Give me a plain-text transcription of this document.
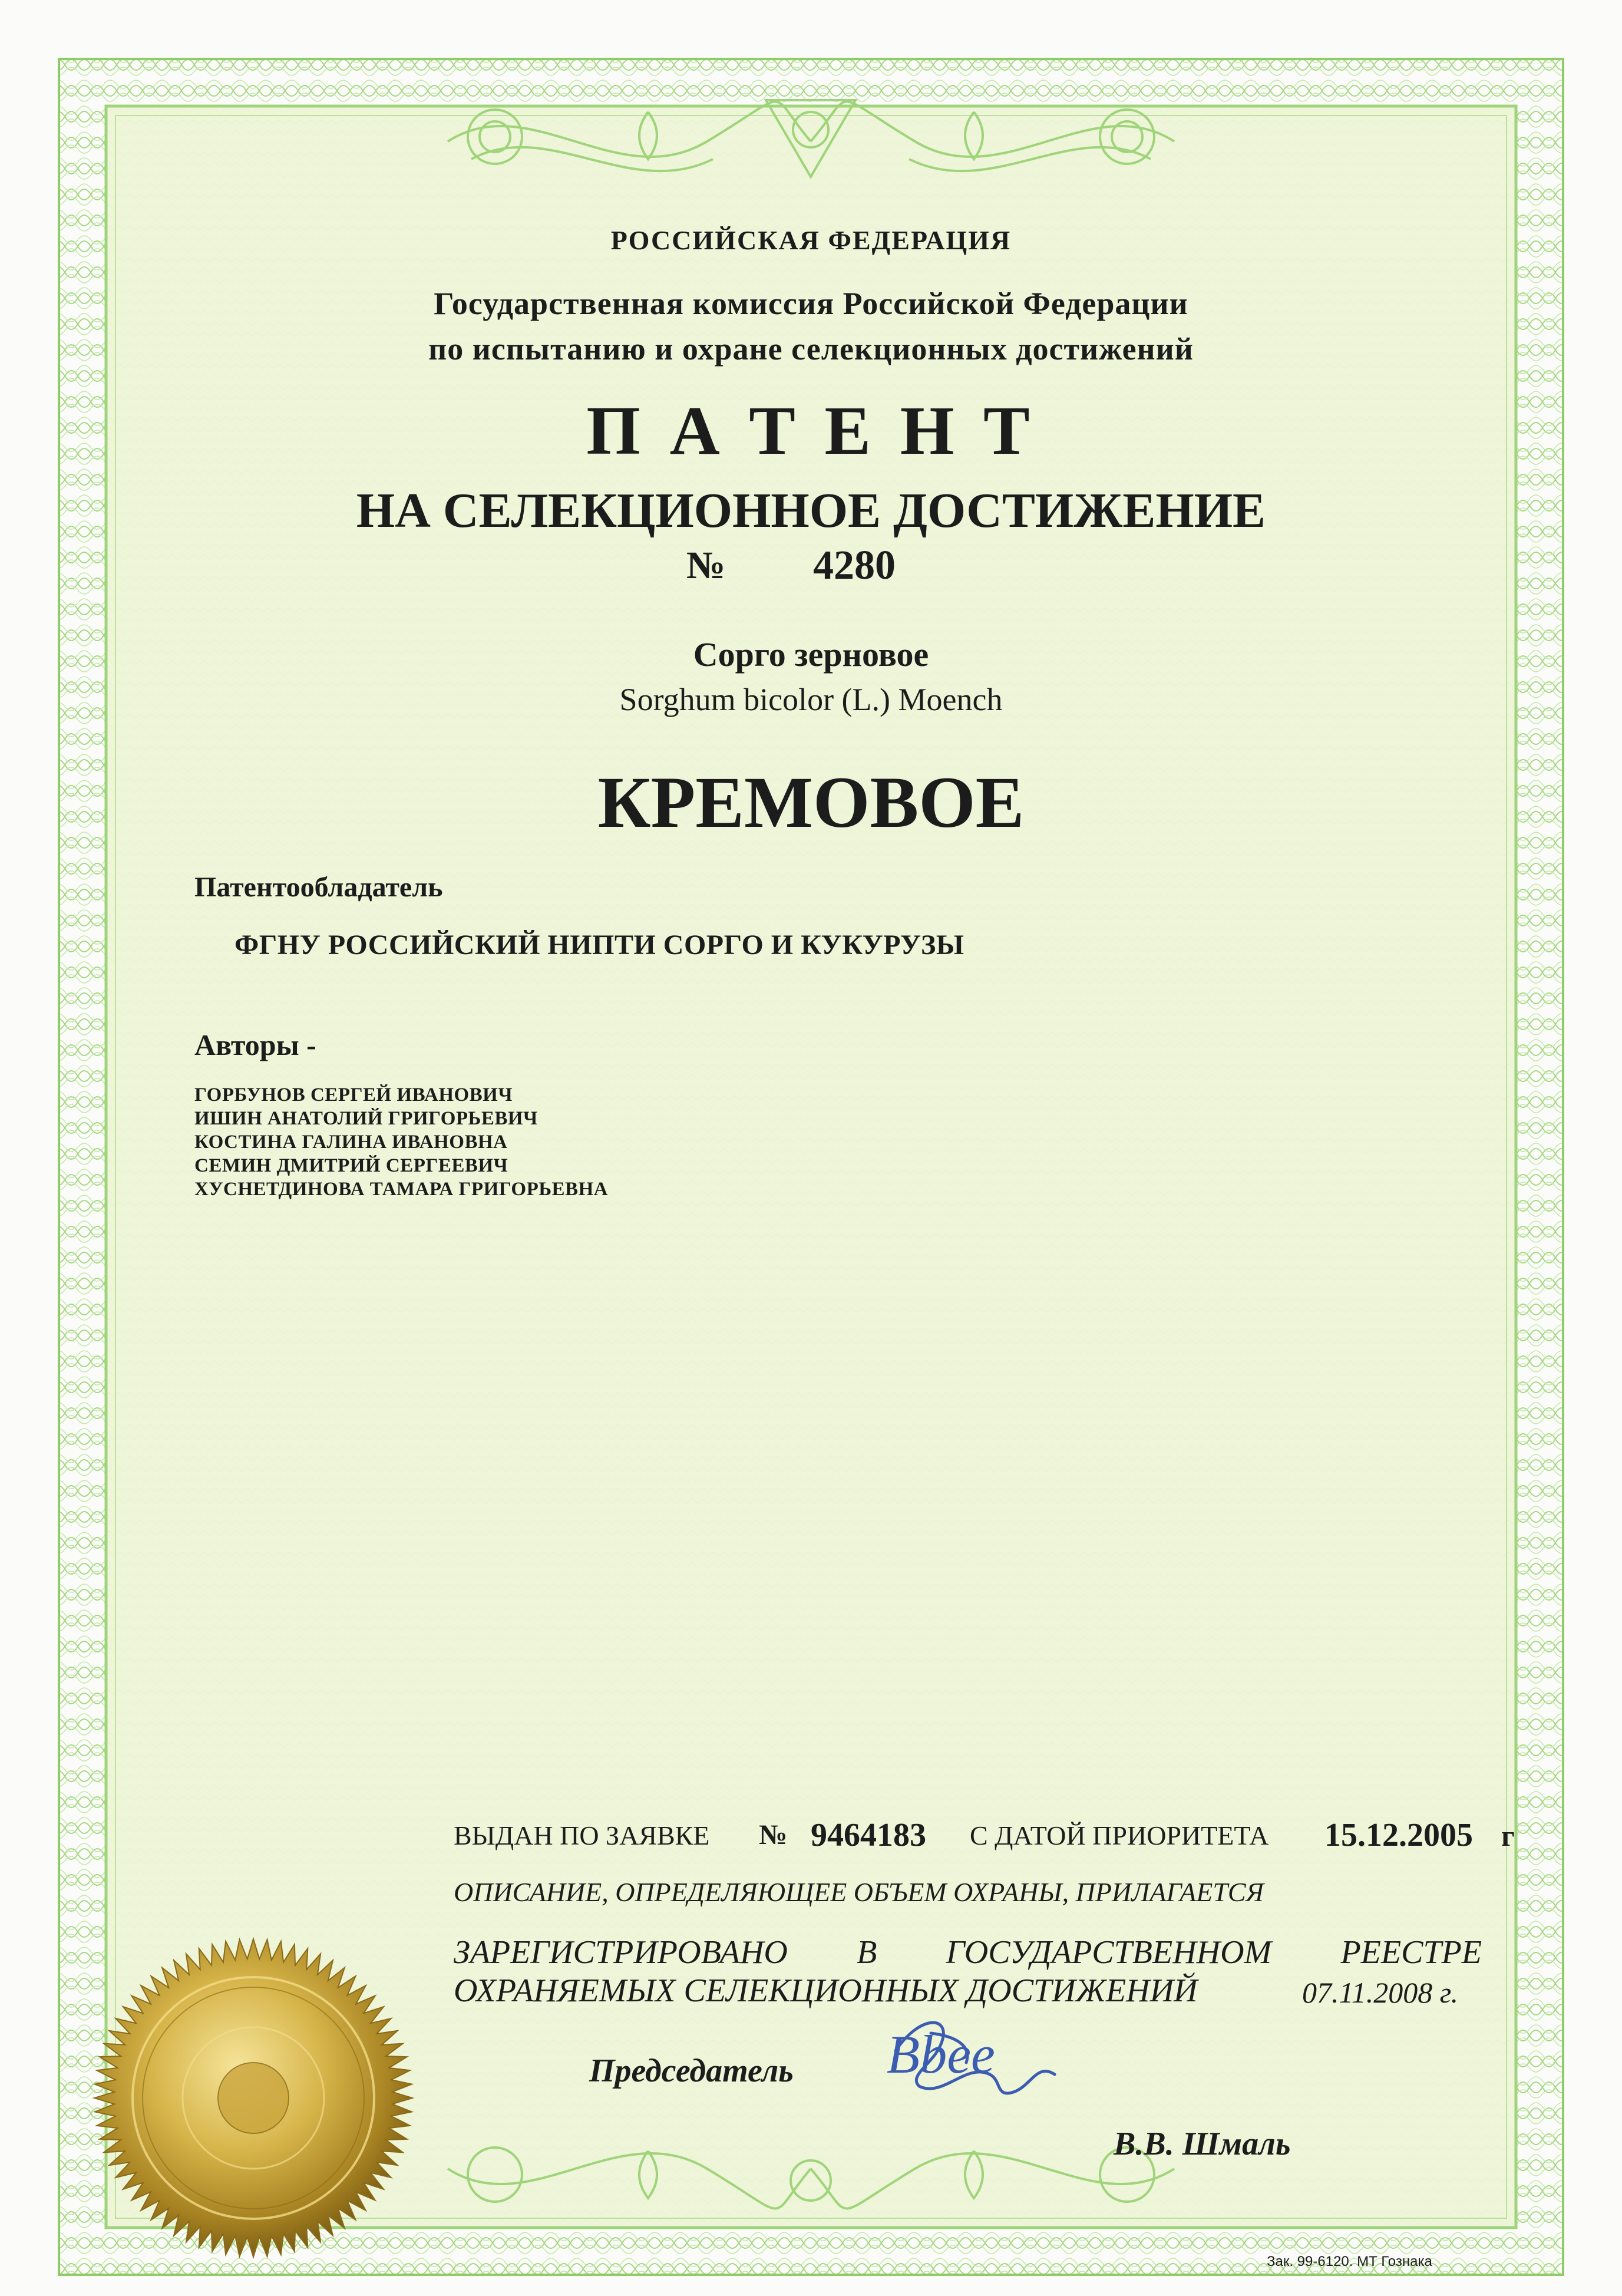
РОССИЙСКАЯ ФЕДЕРАЦИЯ
Государственная комиссия Российской Федерации
по испытанию и охране селекционных достижений
П А Т Е Н Т
НА СЕЛЕКЦИОННОЕ ДОСТИЖЕНИЕ
№ 4280
Сорго зерновое
Sorghum bicolor (L.) Moench
КРЕМОВОЕ
Патентообладатель
ФГНУ РОССИЙСКИЙ НИПТИ СОРГО И КУКУРУЗЫ
Авторы -
ГОРБУНОВ СЕРГЕЙ ИВАНОВИЧ
ИШИН АНАТОЛИЙ ГРИГОРЬЕВИЧ
КОСТИНА ГАЛИНА ИВАНОВНА
СЕМИН ДМИТРИЙ СЕРГЕЕВИЧ
ХУСНЕТДИНОВА ТАМАРА ГРИГОРЬЕВНА
ВЫДАН ПО ЗАЯВКЕ № 9464183 С ДАТОЙ ПРИОРИТЕТА 15.12.2005 г
ОПИСАНИЕ, ОПРЕДЕЛЯЮЩЕЕ ОБЪЕМ ОХРАНЫ, ПРИЛАГАЕТСЯ
ЗАРЕГИСТРИРОВАНО В ГОСУДАРСТВЕННОМ РЕЕСТРЕ
ОХРАНЯЕМЫХ СЕЛЕКЦИОННЫХ ДОСТИЖЕНИЙ	07.11.2008 г.
Председатель Вbee
В.В. Шмаль
Зак. 99-6120. МТ Гознака
